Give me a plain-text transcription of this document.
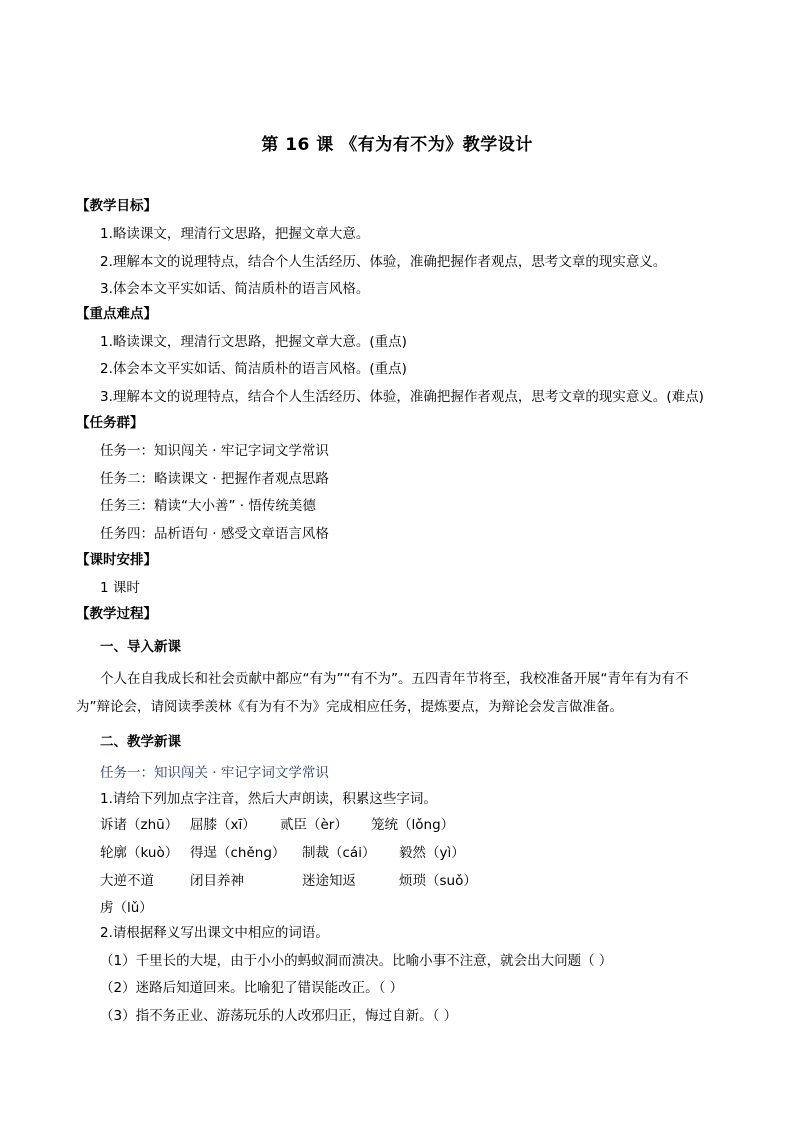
第 16 课 《有为有不为》教学设计
【教学目标】
1.略读课文，理清行文思路，把握文章大意。
2.理解本文的说理特点，结合个人生活经历、体验，准确把握作者观点，思考文章的现实意义。
3.体会本文平实如话、简洁质朴的语言风格。
【重点难点】
1.略读课文，理清行文思路，把握文章大意。(重点)
2.体会本文平实如话、简洁质朴的语言风格。(重点)
3.理解本文的说理特点，结合个人生活经历、体验，准确把握作者观点，思考文章的现实意义。(难点)
【任务群】
任务一：知识闯关 · 牢记字词文学常识
任务二：略读课文 · 把握作者观点思路
任务三：精读“大小善” · 悟传统美德
任务四：品析语句 · 感受文章语言风格
【课时安排】
1 课时
【教学过程】
一、导入新课
个人在自我成长和社会贡献中都应“有为”“有不为”。五四青年节将至，我校准备开展“青年有为有不为”辩论会，请阅读季羡林《有为有不为》完成相应任务，提炼要点，为辩论会发言做准备。
二、教学新课
任务一：知识闯关 · 牢记字词文学常识
1.请给下列加点字注音，然后大声朗读，积累这些字词。
诉诸（zhū） 屈膝（xī） 贰臣（èr） 笼统（lǒng）
轮廓（kuò） 得逞（chěng） 制裁（cái） 毅然（yì）
大逆不道	闭目养神	迷途知返	烦琐（suǒ）
虏（lǔ）
2.请根据释义写出课文中相应的词语。
（1）千里长的大堤，由于小小的蚂蚁洞而溃决。比喻小事不注意，就会出大问题（ ）
（2）迷路后知道回来。比喻犯了错误能改正。（ ）
（3）指不务正业、游荡玩乐的人改邪归正，悔过自新。（ ）
